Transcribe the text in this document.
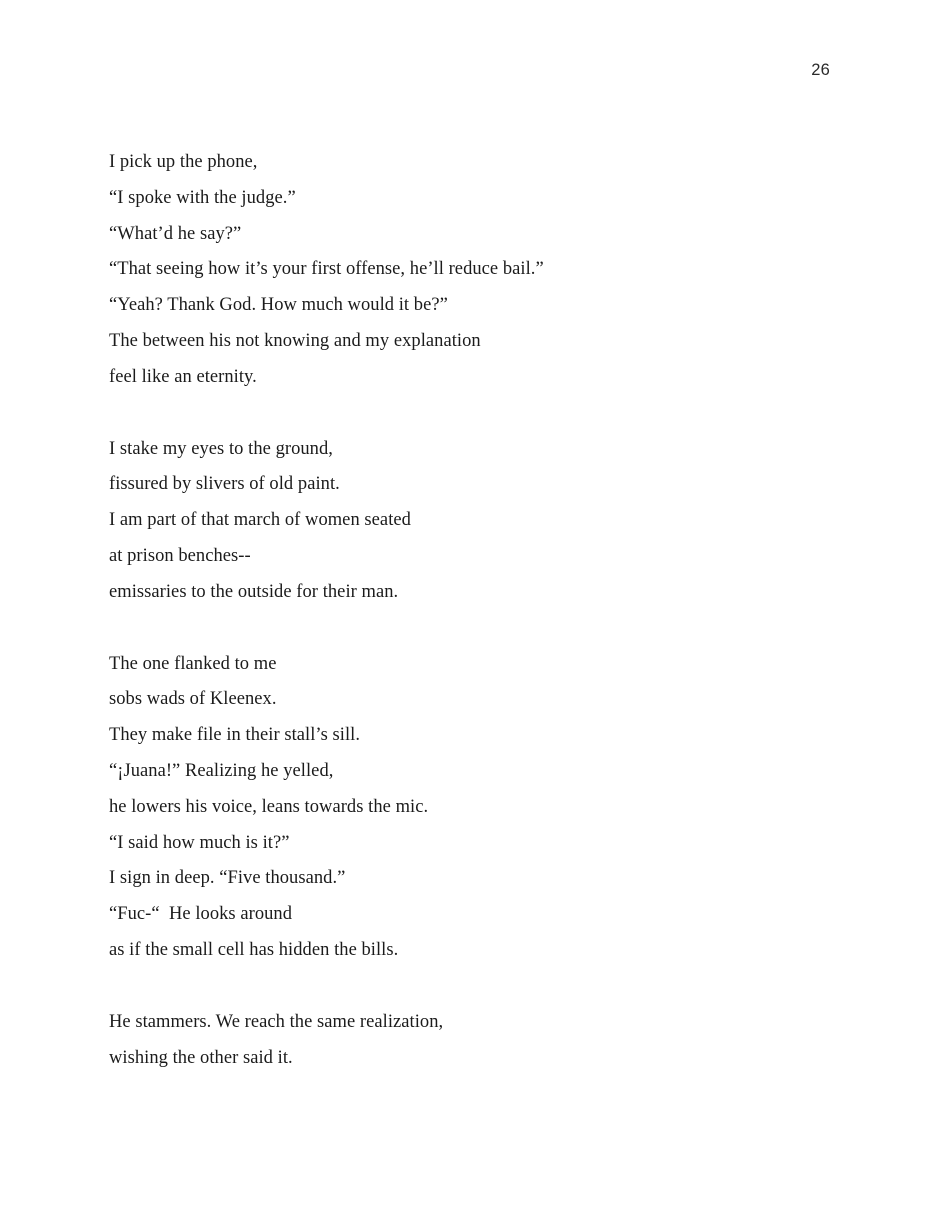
26
I pick up the phone,
“I spoke with the judge.”
“What’d he say?”
“That seeing how it’s your first offense, he’ll reduce bail.”
“Yeah? Thank God. How much would it be?”
The between his not knowing and my explanation
feel like an eternity.
I stake my eyes to the ground,
fissured by slivers of old paint.
I am part of that march of women seated
at prison benches--
emissaries to the outside for their man.
The one flanked to me
sobs wads of Kleenex.
They make file in their stall’s sill.
“¡Juana!” Realizing he yelled,
he lowers his voice, leans towards the mic.
“I said how much is it?”
I sign in deep. “Five thousand.”
“Fuc-“  He looks around
as if the small cell has hidden the bills.
He stammers. We reach the same realization,
wishing the other said it.
